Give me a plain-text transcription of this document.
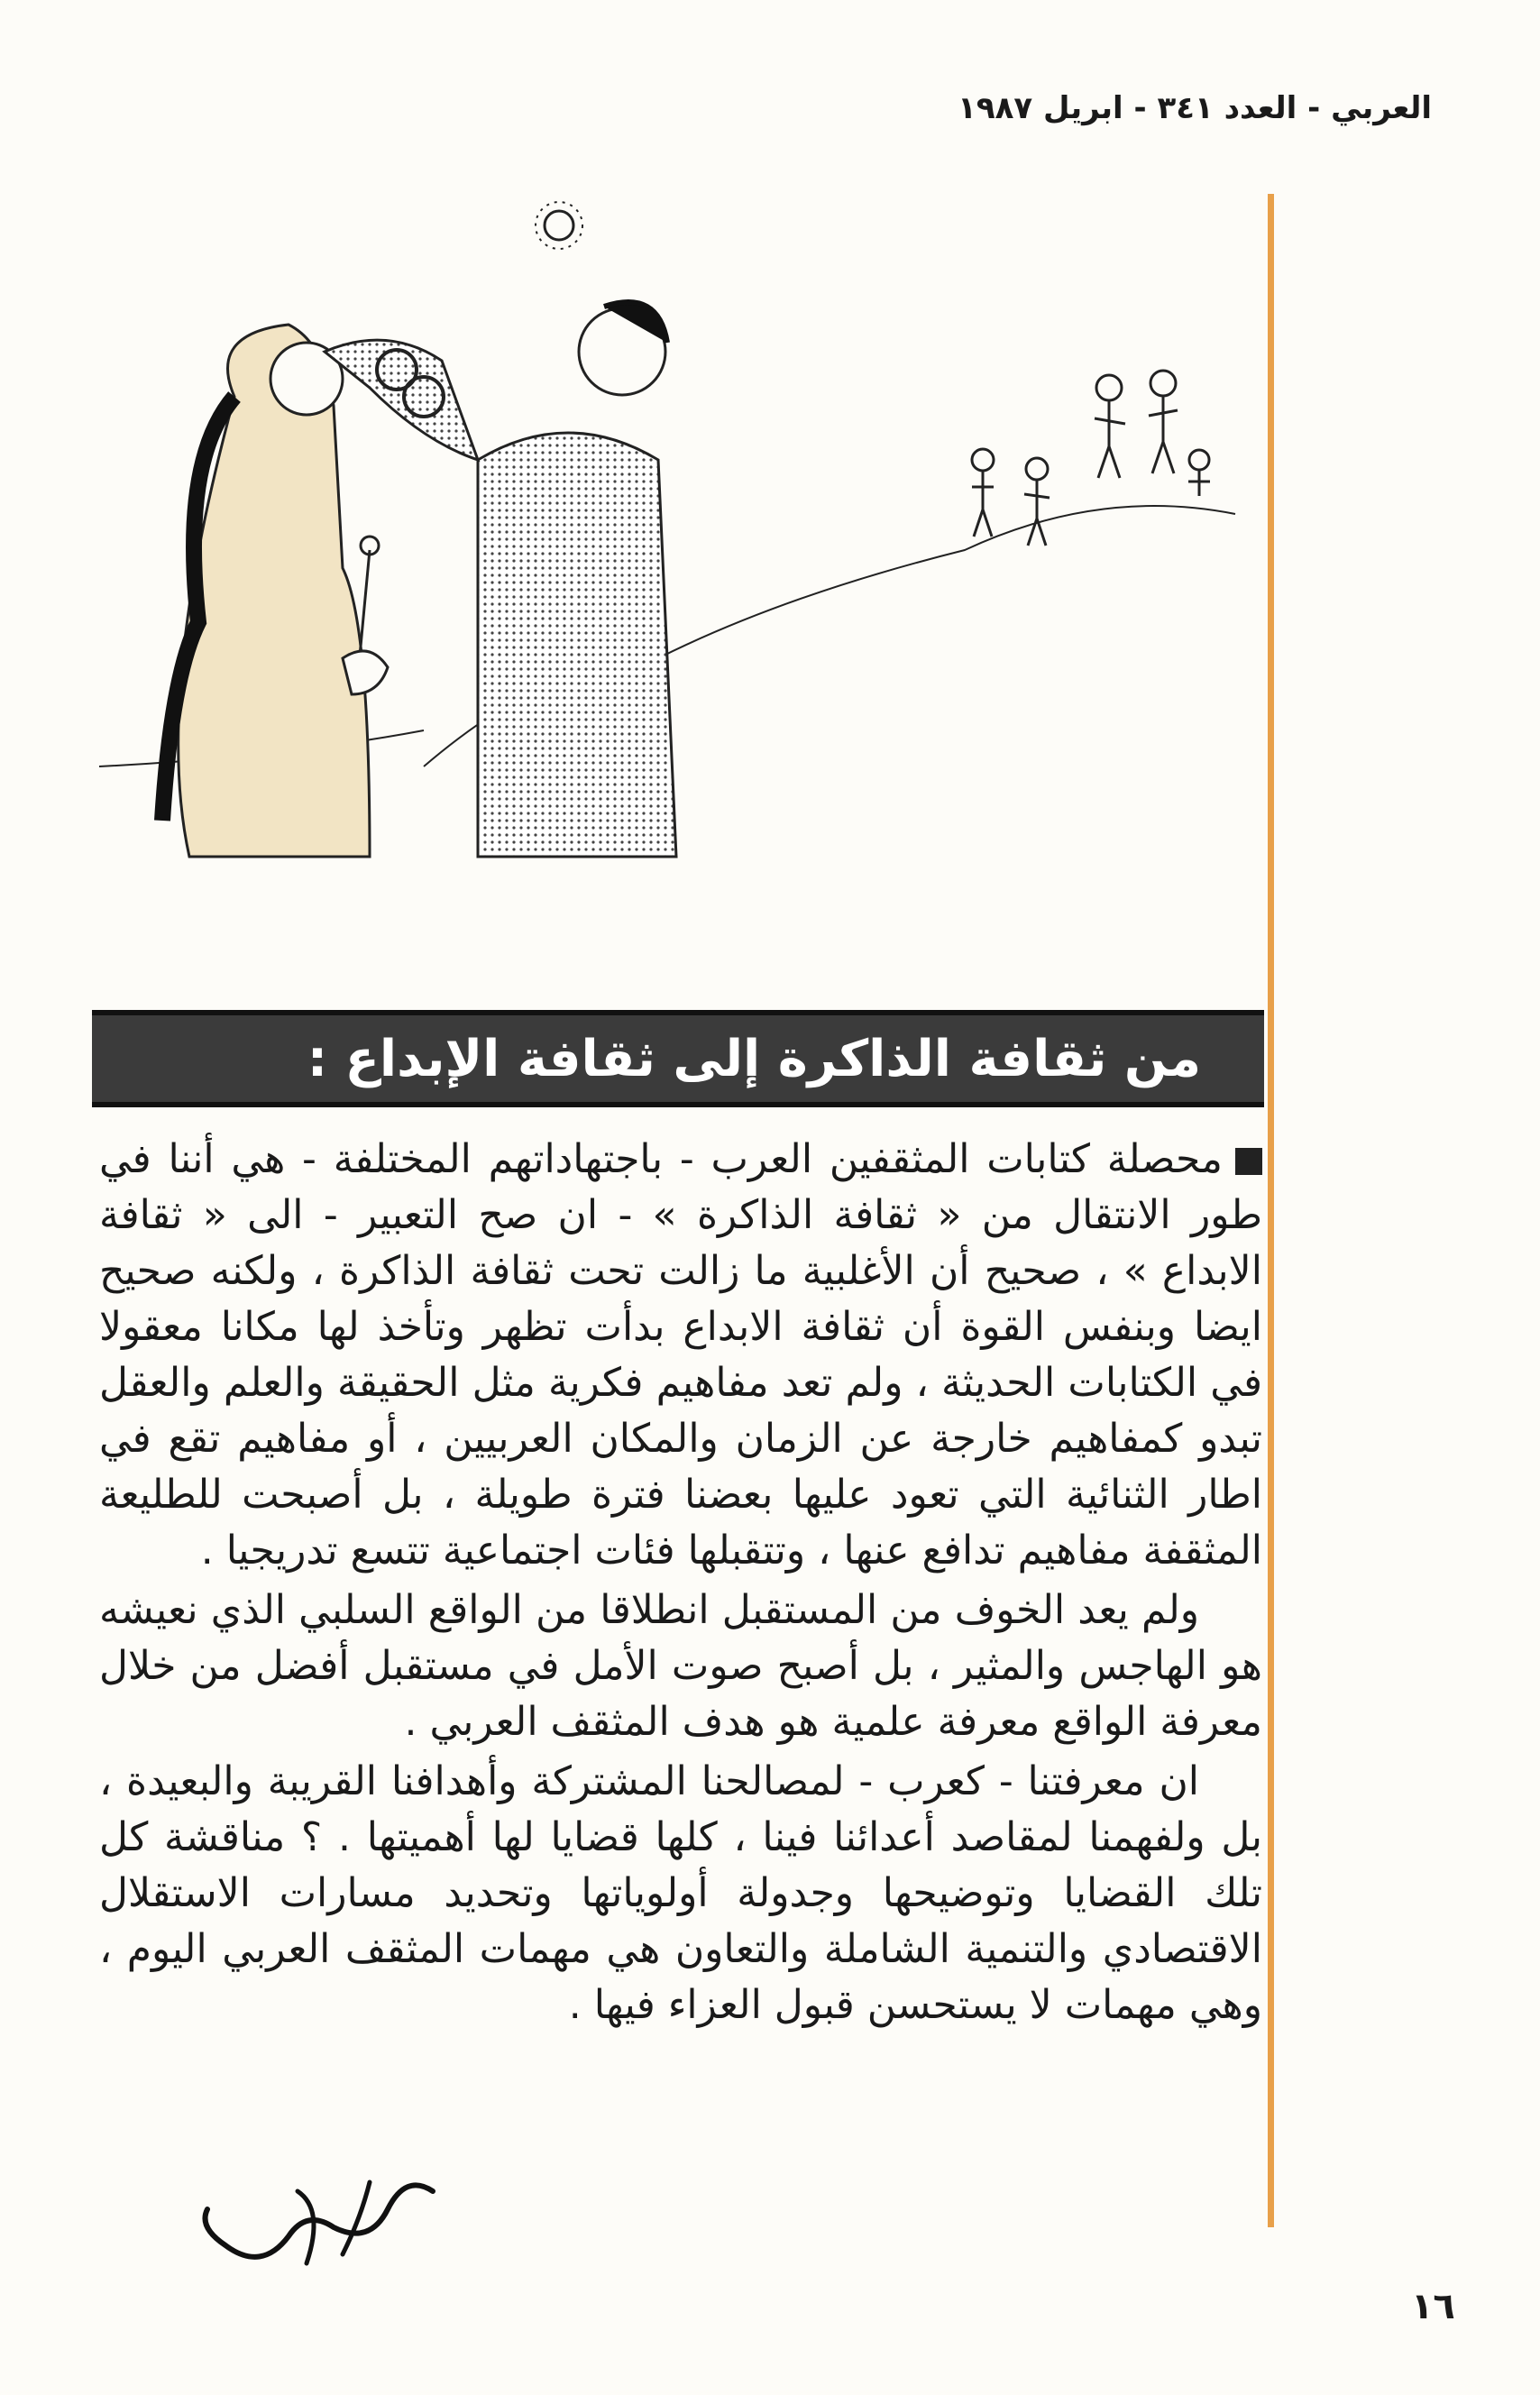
العربي - العدد ٣٤١ - ابريل ١٩٨٧
من ثقافة الذاكرة إلى ثقافة الإبداع :

محصلة كتابات المثقفين العرب - باجتهاداتهم المختلفة - هي أننا في طور الانتقال من « ثقافة الذاكرة » - ان صح التعبير - الى « ثقافة الابداع » ، صحيح أن الأغلبية ما زالت تحت ثقافة الذاكرة ، ولكنه صحيح ايضا وبنفس القوة أن ثقافة الابداع بدأت تظهر وتأخذ لها مكانا معقولا في الكتابات الحديثة ، ولم تعد مفاهيم فكرية مثل الحقيقة والعلم والعقل تبدو كمفاهيم خارجة عن الزمان والمكان العربيين ، أو مفاهيم تقع في اطار الثنائية التي تعود عليها بعضنا فترة طويلة ، بل أصبحت للطليعة المثقفة مفاهيم تدافع عنها ، وتتقبلها فئات اجتماعية تتسع تدريجيا .

ولم يعد الخوف من المستقبل انطلاقا من الواقع السلبي الذي نعيشه هو الهاجس والمثير ، بل أصبح صوت الأمل في مستقبل أفضل من خلال معرفة الواقع معرفة علمية هو هدف المثقف العربي .

ان معرفتنا - كعرب - لمصالحنا المشتركة وأهدافنا القريبة والبعيدة ، بل ولفهمنا لمقاصد أعدائنا فينا ، كلها قضايا لها أهميتها . ؟ مناقشة كل تلك القضايا وتوضيحها وجدولة أولوياتها وتحديد مسارات الاستقلال الاقتصادي والتنمية الشاملة والتعاون هي مهمات المثقف العربي اليوم ، وهي مهمات لا يستحسن قبول العزاء فيها .

١٦
